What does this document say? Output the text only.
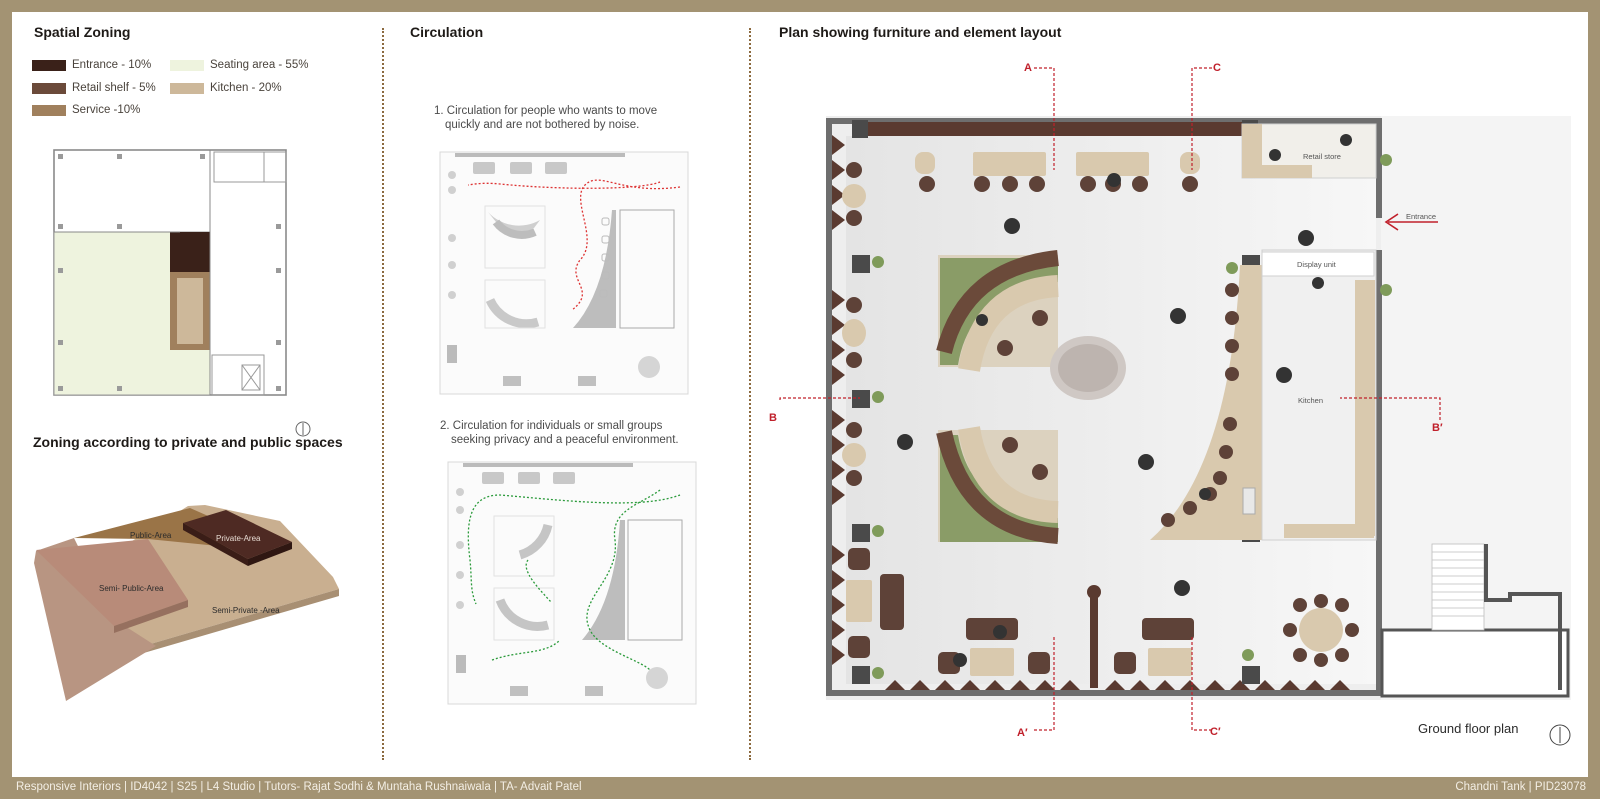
Spatial Zoning
Entrance - 10%
Retail shelf - 5%
Service -10%
Seating area - 55%
Kitchen - 20%
Zoning according to private and public spaces
Public-Area	Private-Area
Semi- Public-Area
Semi-Private -Area
Circulation
1. Circulation for people who wants to move
quickly and are not bothered by noise.
2. Circulation for individuals or small groups
seeking privacy and a peaceful environment.
Plan showing furniture and element layout
Retail store
Entrance
Display unit
Kitchen
A	C
B
B′
A′	C′	Ground floor plan
Responsive Interiors | ID4042 | S25 | L4 Studio | Tutors- Rajat Sodhi & Muntaha Rushnaiwala | TA- Advait Patel	Chandni Tank | PID23078
